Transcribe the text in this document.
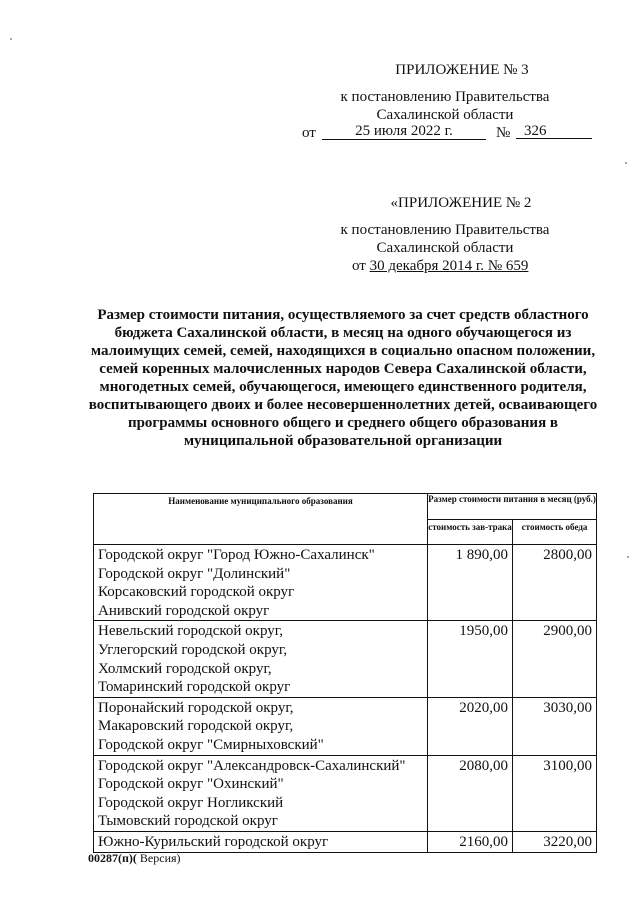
ПРИЛОЖЕНИЕ № 3
к постановлению Правительства
Сахалинской области
от	25 июля 2022 г.	№ 326
«ПРИЛОЖЕНИЕ № 2
к постановлению Правительства
Сахалинской области
от 30 декабря 2014 г. № 659
Размер стоимости питания, осуществляемого за счет средств областного бюджета Сахалинской области, в месяц на одного обучающегося из малоимущих семей, семей, находящихся в социально опасном положении, семей коренных малочисленных народов Севера Сахалинской области, многодетных семей, обучающегося, имеющего единственного родителя, воспитывающего двоих и более несовершеннолетних детей, осваивающего программы основного общего и среднего общего образования в муниципальной образовательной организации
Наименование муниципального образования	Размер стоимости питания в месяц (руб.)	
	стоимость зав-трака	стоимость обеда

Городской округ "Город Южно-Сахалинск"
Городской округ "Долинский"
Корсаковский городской округ
Анивский городской округ	1 890,00	2800,00

Невельский городской округ,
Углегорский городской округ,
Холмский городской округ,
Томаринский городской округ	1950,00	2900,00

Поронайский городской округ,
Макаровский городской округ,
Городской округ "Смирныховский"	2020,00	3030,00

Городской округ "Александровск-Сахалинский"
Городской округ "Охинский"
Городской округ Ногликский
Тымовский городской округ	2080,00	3100,00

Южно-Курильский городской округ	2160,00	3220,00
00287(п)( Версия)
